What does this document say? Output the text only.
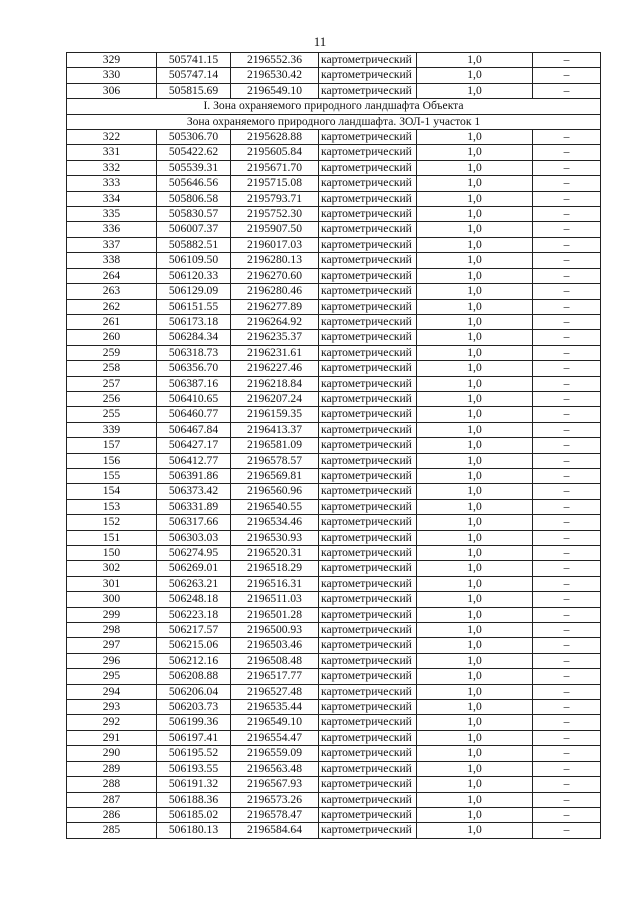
11
329	505741.15	2196552.36	картометрический	1,0	–
330	505747.14	2196530.42	картометрический	1,0	–
306	505815.69	2196549.10	картометрический	1,0	–
I. Зона охраняемого природного ландшафта Объекта					
Зона охраняемого природного ландшафта. ЗОЛ-1 участок 1					
322	505306.70	2195628.88	картометрический	1,0	–
331	505422.62	2195605.84	картометрический	1,0	–
332	505539.31	2195671.70	картометрический	1,0	–
333	505646.56	2195715.08	картометрический	1,0	–
334	505806.58	2195793.71	картометрический	1,0	–
335	505830.57	2195752.30	картометрический	1,0	–
336	506007.37	2195907.50	картометрический	1,0	–
337	505882.51	2196017.03	картометрический	1,0	–
338	506109.50	2196280.13	картометрический	1,0	–
264	506120.33	2196270.60	картометрический	1,0	–
263	506129.09	2196280.46	картометрический	1,0	–
262	506151.55	2196277.89	картометрический	1,0	–
261	506173.18	2196264.92	картометрический	1,0	–
260	506284.34	2196235.37	картометрический	1,0	–
259	506318.73	2196231.61	картометрический	1,0	–
258	506356.70	2196227.46	картометрический	1,0	–
257	506387.16	2196218.84	картометрический	1,0	–
256	506410.65	2196207.24	картометрический	1,0	–
255	506460.77	2196159.35	картометрический	1,0	–
339	506467.84	2196413.37	картометрический	1,0	–
157	506427.17	2196581.09	картометрический	1,0	–
156	506412.77	2196578.57	картометрический	1,0	–
155	506391.86	2196569.81	картометрический	1,0	–
154	506373.42	2196560.96	картометрический	1,0	–
153	506331.89	2196540.55	картометрический	1,0	–
152	506317.66	2196534.46	картометрический	1,0	–
151	506303.03	2196530.93	картометрический	1,0	–
150	506274.95	2196520.31	картометрический	1,0	–
302	506269.01	2196518.29	картометрический	1,0	–
301	506263.21	2196516.31	картометрический	1,0	–
300	506248.18	2196511.03	картометрический	1,0	–
299	506223.18	2196501.28	картометрический	1,0	–
298	506217.57	2196500.93	картометрический	1,0	–
297	506215.06	2196503.46	картометрический	1,0	–
296	506212.16	2196508.48	картометрический	1,0	–
295	506208.88	2196517.77	картометрический	1,0	–
294	506206.04	2196527.48	картометрический	1,0	–
293	506203.73	2196535.44	картометрический	1,0	–
292	506199.36	2196549.10	картометрический	1,0	–
291	506197.41	2196554.47	картометрический	1,0	–
290	506195.52	2196559.09	картометрический	1,0	–
289	506193.55	2196563.48	картометрический	1,0	–
288	506191.32	2196567.93	картометрический	1,0	–
287	506188.36	2196573.26	картометрический	1,0	–
286	506185.02	2196578.47	картометрический	1,0	–
285	506180.13	2196584.64	картометрический	1,0	–
